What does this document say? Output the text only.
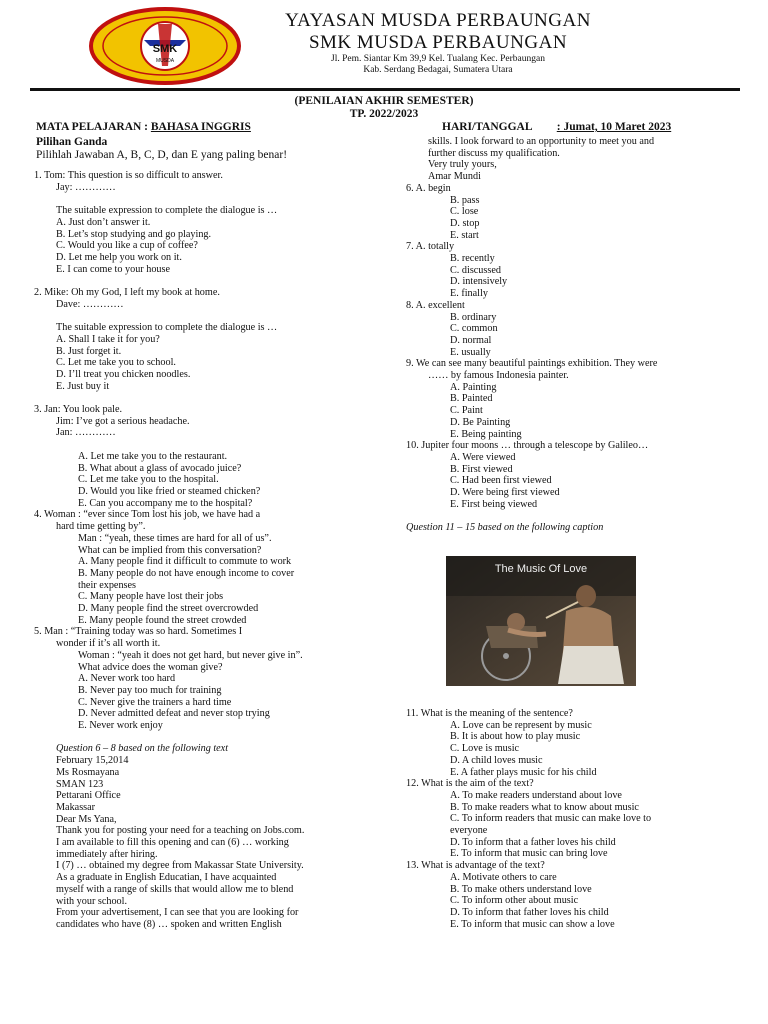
SMK
MUSDA
YAYASAN MUSDA PERBAUNGAN
SMK MUSDA PERBAUNGAN
Jl. Pem. Siantar Km 39,9 Kel. Tualang Kec. Perbaungan
Kab. Serdang Bedagai, Sumatera Utara
(PENILAIAN AKHIR SEMESTER)
TP. 2022/2023
MATA PELAJARAN : BAHASA INGGRIS	HARI/TANGGAL : Jumat, 10 Maret 2023
Pilihan Ganda
Pilihlah Jawaban A, B, C, D, dan E yang paling benar!
1. Tom: This question is so difficult to answer.
Jay: …………

The suitable expression to complete the dialogue is …
A. Just don’t answer it.
B. Let’s stop studying and go playing.
C. Would you like a cup of coffee?
D. Let me help you work on it.
E. I can come to your house

2. Mike: Oh my God, I left my book at home.
Dave: …………

The suitable expression to complete the dialogue is …
A. Shall I take it for you?
B. Just forget it.
C. Let me take you to school.
D. I’ll treat you chicken noodles.
E. Just buy it

3. Jan: You look pale.
Jim: I’ve got a serious headache.
Jan: …………

A. Let me take you to the restaurant.
B. What about a glass of avocado juice?
C. Let me take you to the hospital.
D. Would you like fried or steamed chicken?
E. Can you accompany me to the hospital?
4. Woman : “ever since Tom lost his job, we have had a
hard time getting by”.
Man : “yeah, these times are hard for all of us”.
What can be implied from this conversation?
A. Many people find it difficult to commute to work
B. Many people do not have enough income to cover
their expenses
C. Many people have lost their jobs
D. Many people find the street overcrowded
E. Many people found the street crowded
5. Man : “Training today was so hard. Sometimes I
wonder if it’s all worth it.
Woman : “yeah it does not get hard, but never give in”.
What advice does the woman give?
A. Never work too hard
B. Never pay too much for training
C. Never give the trainers a hard time
D. Never admitted defeat and never stop trying
E. Never work enjoy

Question 6 – 8 based on the following text
February 15,2014
Ms Rosmayana
SMAN 123
Pettarani Office
Makassar
Dear Ms Yana,
Thank you for posting your need for a teaching on Jobs.com.
I am available to fill this opening and can (6) … working
immediately after hiring.
I (7) … obtained my degree from Makassar State University.
As a graduate in English Educatian, I have acquainted
myself with a range of skills that would allow me to blend
with your school.
From your advertisement, I can see that you are looking for
candidates who have (8) … spoken and written English
skills. I look forward to an opportunity to meet you and
further discuss my qualification.
Very truly yours,
Amar Mundi
6. A. begin
B. pass
C. lose
D. stop
E. start
7. A. totally
B. recently
C. discussed
D. intensively
E. finally
8. A. excellent
B. ordinary
C. common
D. normal
E. usually
9. We can see many beautiful paintings exhibition. They were
…… by famous Indonesia painter.
A. Painting
B. Painted
C. Paint
D. Be Painting
E. Being painting
10. Jupiter four moons … through a telescope by Galileo…
A. Were viewed
B. First viewed
C. Had been first viewed
D. Were being first viewed
E. First being viewed

Question 11 – 15 based on the following caption
The Music Of Love
11. What is the meaning of the sentence?
A. Love can be represent by music
B. It is about how to play music
C. Love is music
D. A child loves music
E. A father plays music for his child
12. What is the aim of the text?
A. To make readers understand about love
B. To make readers what to know about music
C. To inform readers that music can make love to
everyone
D. To inform that a father loves his child
E. To inform that music can bring love
13. What is advantage of the text?
A. Motivate others to care
B. To make others understand love
C. To inform other about music
D. To inform that father loves his child
E. To inform that music can show a love
